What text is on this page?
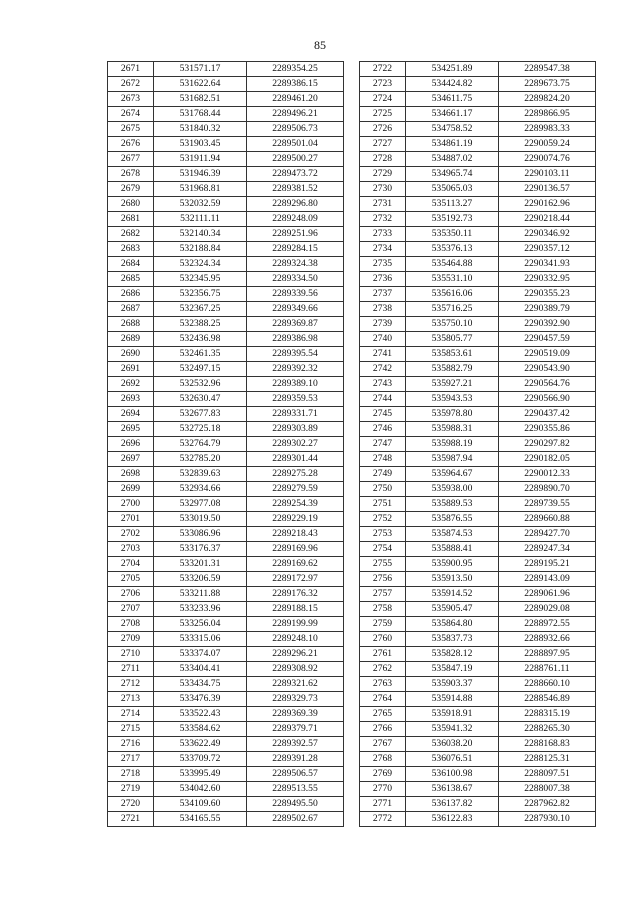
85
2671	531571.17	2289354.25
2672	531622.64	2289386.15
2673	531682.51	2289461.20
2674	531768.44	2289496.21
2675	531840.32	2289506.73
2676	531903.45	2289501.04
2677	531911.94	2289500.27
2678	531946.39	2289473.72
2679	531968.81	2289381.52
2680	532032.59	2289296.80
2681	532111.11	2289248.09
2682	532140.34	2289251.96
2683	532188.84	2289284.15
2684	532324.34	2289324.38
2685	532345.95	2289334.50
2686	532356.75	2289339.56
2687	532367.25	2289349.66
2688	532388.25	2289369.87
2689	532436.98	2289386.98
2690	532461.35	2289395.54
2691	532497.15	2289392.32
2692	532532.96	2289389.10
2693	532630.47	2289359.53
2694	532677.83	2289331.71
2695	532725.18	2289303.89
2696	532764.79	2289302.27
2697	532785.20	2289301.44
2698	532839.63	2289275.28
2699	532934.66	2289279.59
2700	532977.08	2289254.39
2701	533019.50	2289229.19
2702	533086.96	2289218.43
2703	533176.37	2289169.96
2704	533201.31	2289169.62
2705	533206.59	2289172.97
2706	533211.88	2289176.32
2707	533233.96	2289188.15
2708	533256.04	2289199.99
2709	533315.06	2289248.10
2710	533374.07	2289296.21
2711	533404.41	2289308.92
2712	533434.75	2289321.62
2713	533476.39	2289329.73
2714	533522.43	2289369.39
2715	533584.62	2289379.71
2716	533622.49	2289392.57
2717	533709.72	2289391.28
2718	533995.49	2289506.57
2719	534042.60	2289513.55
2720	534109.60	2289495.50
2721	534165.55	2289502.67
2722	534251.89	2289547.38
2723	534424.82	2289673.75
2724	534611.75	2289824.20
2725	534661.17	2289866.95
2726	534758.52	2289983.33
2727	534861.19	2290059.24
2728	534887.02	2290074.76
2729	534965.74	2290103.11
2730	535065.03	2290136.57
2731	535113.27	2290162.96
2732	535192.73	2290218.44
2733	535350.11	2290346.92
2734	535376.13	2290357.12
2735	535464.88	2290341.93
2736	535531.10	2290332.95
2737	535616.06	2290355.23
2738	535716.25	2290389.79
2739	535750.10	2290392.90
2740	535805.77	2290457.59
2741	535853.61	2290519.09
2742	535882.79	2290543.90
2743	535927.21	2290564.76
2744	535943.53	2290566.90
2745	535978.80	2290437.42
2746	535988.31	2290355.86
2747	535988.19	2290297.82
2748	535987.94	2290182.05
2749	535964.67	2290012.33
2750	535938.00	2289890.70
2751	535889.53	2289739.55
2752	535876.55	2289660.88
2753	535874.53	2289427.70
2754	535888.41	2289247.34
2755	535900.95	2289195.21
2756	535913.50	2289143.09
2757	535914.52	2289061.96
2758	535905.47	2289029.08
2759	535864.80	2288972.55
2760	535837.73	2288932.66
2761	535828.12	2288897.95
2762	535847.19	2288761.11
2763	535903.37	2288660.10
2764	535914.88	2288546.89
2765	535918.91	2288315.19
2766	535941.32	2288265.30
2767	536038.20	2288168.83
2768	536076.51	2288125.31
2769	536100.98	2288097.51
2770	536138.67	2288007.38
2771	536137.82	2287962.82
2772	536122.83	2287930.10
